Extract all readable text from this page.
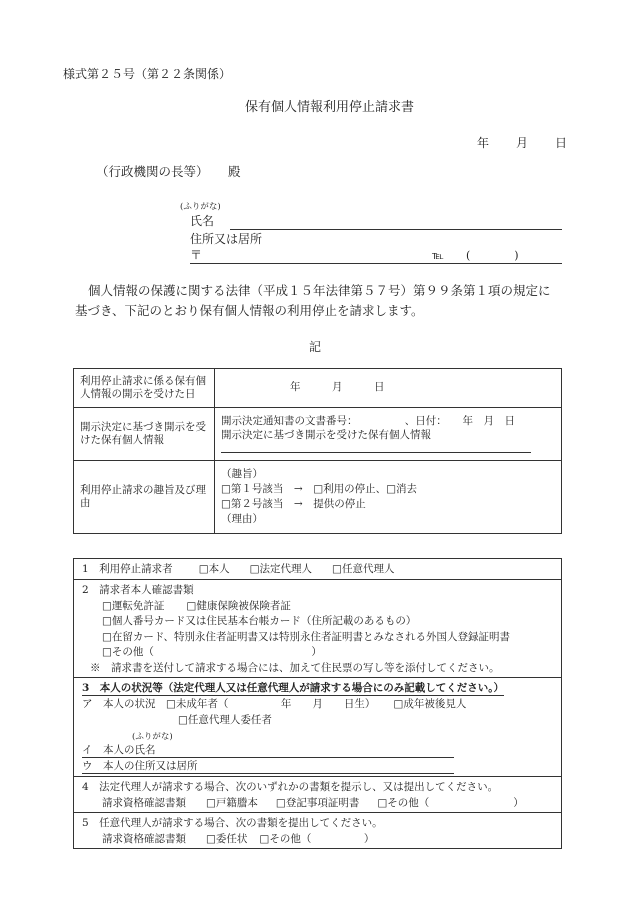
様式第２５号（第２２条関係）
保有個人情報利用停止請求書
年 月 日
（行政機関の長等） 殿
(ふりがな)
氏名
住所又は居所
〒	℡ (　　　　)
個人情報の保護に関する法律（平成１５年法律第５７号）第９９条第１項の規定に
基づき、下記のとおり保有個人情報の利用停止を請求します。
記
利用停止請求に係る保有個人情報の開示を受けた日	年　　　月　　　日
開示決定に基づき開示を受けた保有個人情報	開示決定通知書の文書番号：　　　　　、日付：　　年　月　日
開示決定に基づき開示を受けた保有個人情報

利用停止請求の趣旨及び理由	（趣旨）
□第１号該当　→　□利用の停止、□消去
□第２号該当　→　提供の停止
（理由）
1　利用停止請求者 □本人 □法定代理人 □任意代理人
2　請求者本人確認書類
□運転免許証 □健康保険被保険者証
□個人番号カード又は住民基本台帳カード（住所記載のあるもの）
□在留カード、特別永住者証明書又は特別永住者証明書とみなされる外国人登録証明書
□その他（　　　　　　　　　　　　　　　）
※　請求書を送付して請求する場合には、加えて住民票の写し等を添付してください。
3　本人の状況等（法定代理人又は任意代理人が請求する場合にのみ記載してください。）
ア　本人の状況　□未成年者（　　　　　年　　月　　日生） □成年被後見人
□任意代理人委任者
(ふりがな)
イ　本人の氏名
ウ　本人の住所又は居所
4　法定代理人が請求する場合、次のいずれかの書類を提示し、又は提出してください。
請求資格確認書類 □戸籍謄本 □登記事項証明書 □その他（　　　　　　　　）
5　任意代理人が請求する場合、次の書類を提出してください。
請求資格確認書類 □委任状 □その他（　　　　　）
